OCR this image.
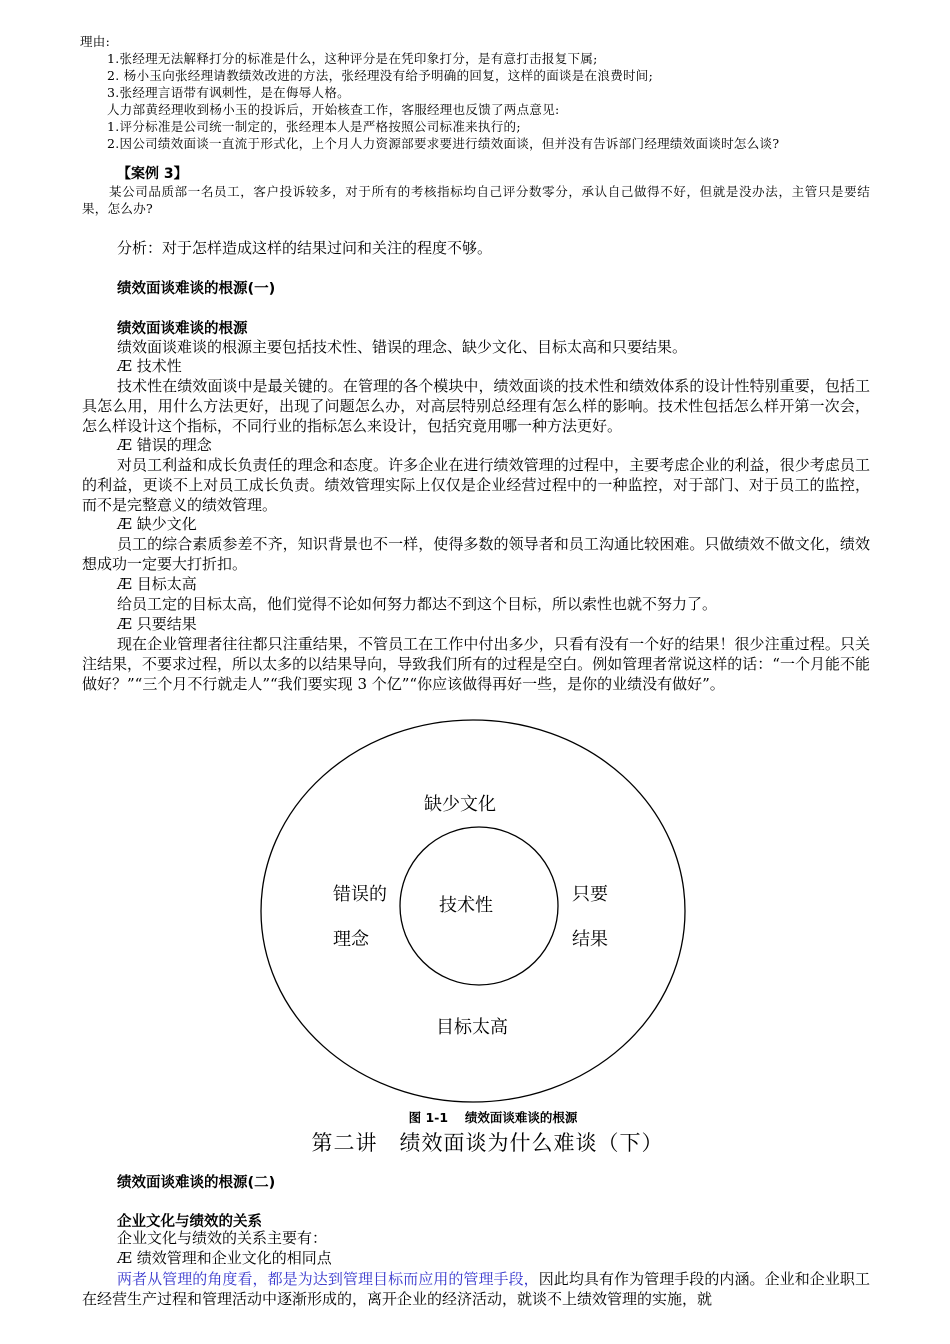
理由:
1.张经理无法解释打分的标准是什么，这种评分是在凭印象打分，是有意打击报复下属;
2. 杨小玉向张经理请教绩效改进的方法，张经理没有给予明确的回复，这样的面谈是在浪费时间;
3.张经理言语带有讽刺性，是在侮辱人格。
人力部黄经理收到杨小玉的投诉后，开始核查工作，客服经理也反馈了两点意见:
1.评分标准是公司统一制定的，张经理本人是严格按照公司标准来执行的;
2.因公司绩效面谈一直流于形式化，上个月人力资源部要求要进行绩效面谈，但并没有告诉部门经理绩效面谈时怎么谈?
【案例 3】
某公司品质部一名员工，客户投诉较多，对于所有的考核指标均自己评分数零分，承认自己做得不好，但就是没办法，主管只是要结果，怎么办?
分析：对于怎样造成这样的结果过问和关注的程度不够。
绩效面谈难谈的根源(一)
绩效面谈难谈的根源
绩效面谈难谈的根源主要包括技术性、错误的理念、缺少文化、目标太高和只要结果。
Æ 技术性
技术性在绩效面谈中是最关键的。在管理的各个模块中，绩效面谈的技术性和绩效体系的设计性特别重要，包括工具怎么用，用什么方法更好，出现了问题怎么办，对高层特别总经理有怎么样的影响。技术性包括怎么样开第一次会，怎么样设计这个指标，不同行业的指标怎么来设计，包括究竟用哪一种方法更好。
Æ 错误的理念
对员工利益和成长负责任的理念和态度。许多企业在进行绩效管理的过程中，主要考虑企业的利益，很少考虑员工的利益，更谈不上对员工成长负责。绩效管理实际上仅仅是企业经营过程中的一种监控，对于部门、对于员工的监控，而不是完整意义的绩效管理。
Æ 缺少文化
员工的综合素质参差不齐，知识背景也不一样，使得多数的领导者和员工沟通比较困难。只做绩效不做文化，绩效想成功一定要大打折扣。
Æ 目标太高
给员工定的目标太高，他们觉得不论如何努力都达不到这个目标，所以索性也就不努力了。
Æ 只要结果
现在企业管理者往往都只注重结果，不管员工在工作中付出多少，只看有没有一个好的结果！很少注重过程。只关注结果，不要求过程，所以太多的以结果导向，导致我们所有的过程是空白。例如管理者常说这样的话：“一个月能不能做好？”“三个月不行就走人”“我们要实现 3 个亿”“你应该做得再好一些，是你的业绩没有做好”。
缺少文化
技术性
错误的
理念
只要
结果
目标太高
图 1-1　 绩效面谈难谈的根源
第二讲　绩效面谈为什么难谈（下）
绩效面谈难谈的根源(二)
企业文化与绩效的关系
企业文化与绩效的关系主要有：
Æ 绩效管理和企业文化的相同点
两者从管理的角度看，都是为达到管理目标而应用的管理手段，因此均具有作为管理手段的内涵。企业和企业职工在经营生产过程和管理活动中逐渐形成的，离开企业的经济活动，就谈不上绩效管理的实施，就
